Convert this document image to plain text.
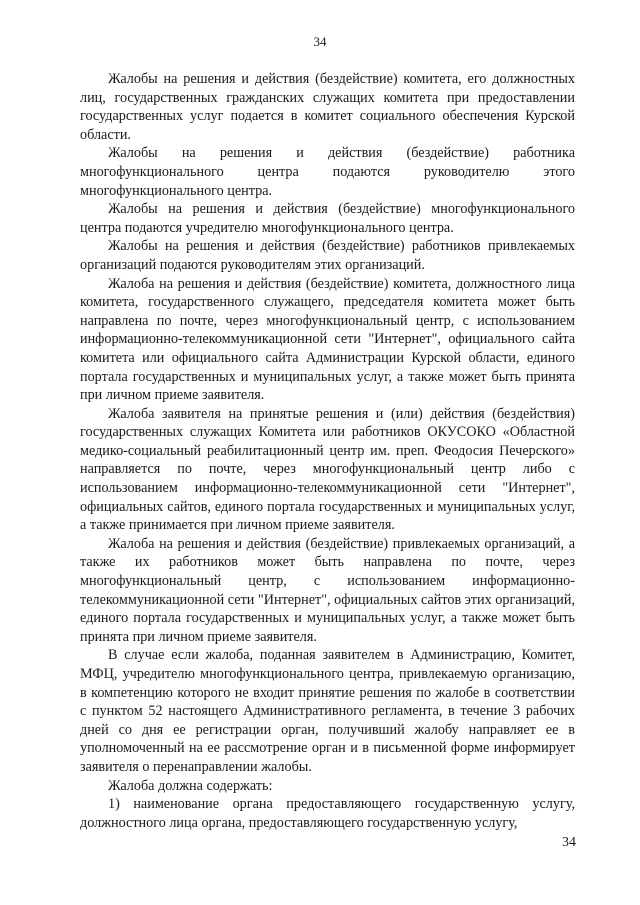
34

Жалобы на решения и действия (бездействие) комитета, его должностных лиц, государственных гражданских служащих комитета при предоставлении государственных услуг подается в комитет социального обеспечения Курской области.

Жалобы на решения и действия (бездействие) работника многофункционального центра подаются руководителю этого многофункционального центра.

Жалобы на решения и действия (бездействие) многофункционального центра подаются учредителю многофункционального центра.

Жалобы на решения и действия (бездействие) работников привлекаемых организаций подаются руководителям этих организаций.

Жалоба на решения и действия (бездействие) комитета, должностного лица комитета, государственного служащего, председателя комитета может быть направлена по почте, через многофункциональный центр, с использованием информационно-телекоммуникационной сети "Интернет", официального сайта комитета или официального сайта Администрации Курской области, единого портала государственных и муниципальных услуг, а также может быть принята при личном приеме заявителя.

Жалоба заявителя на принятые решения и (или) действия (бездействия) государственных служащих Комитета или работников ОКУСОКО «Областной медико-социальный реабилитационный центр им. преп. Феодосия Печерского» направляется по почте, через многофункциональный центр либо с использованием информационно-телекоммуникационной сети "Интернет", официальных сайтов, единого портала государственных и муниципальных услуг, а также принимается при личном приеме заявителя.

Жалоба на решения и действия (бездействие) привлекаемых организаций, а также их работников может быть направлена по почте, через многофункциональный центр, с использованием информационно-телекоммуникационной сети "Интернет", официальных сайтов этих организаций, единого портала государственных и муниципальных услуг, а также может быть принята при личном приеме заявителя.

В случае если жалоба, поданная заявителем в Администрацию, Комитет, МФЦ, учредителю многофункционального центра, привлекаемую организацию, в компетенцию которого не входит принятие решения по жалобе в соответствии с пунктом 52 настоящего Административного регламента, в течение 3 рабочих дней со дня ее регистрации орган, получивший жалобу направляет ее в уполномоченный на ее рассмотрение орган и в письменной форме информирует заявителя о перенаправлении жалобы.

Жалоба должна содержать:

1) наименование органа предоставляющего государственную услугу, должностного лица органа, предоставляющего государственную услугу,

34
